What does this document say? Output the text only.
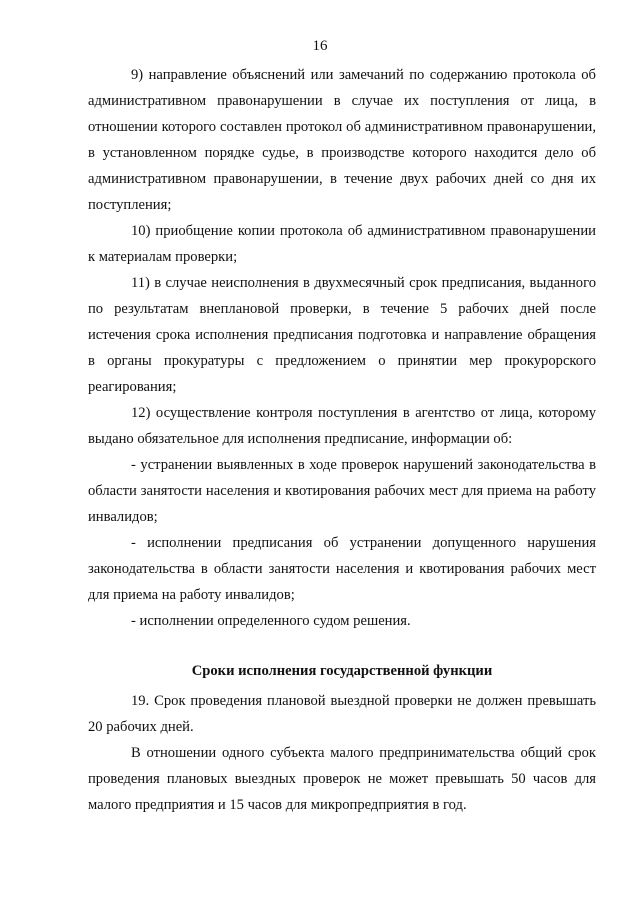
16

9) направление объяснений или замечаний по содержанию протокола об административном правонарушении в случае их поступления от лица, в отношении которого составлен протокол об административном правонарушении, в установленном порядке судье, в производстве которого находится дело об административном правонарушении, в течение двух рабочих дней со дня их поступления;

10) приобщение копии протокола об административном правонарушении к материалам проверки;

11) в случае неисполнения в двухмесячный срок предписания, выданного по результатам внеплановой проверки, в течение 5 рабочих дней после истечения срока исполнения предписания подготовка и направление обращения в органы прокуратуры с предложением о принятии мер прокурорского реагирования;

12) осуществление контроля поступления в агентство от лица, которому выдано обязательное для исполнения предписание, информации об:

- устранении выявленных в ходе проверок нарушений законодательства в области занятости населения и квотирования рабочих мест для приема на работу инвалидов;

- исполнении предписания об устранении допущенного нарушения законодательства в области занятости населения и квотирования рабочих мест для приема на работу инвалидов;

- исполнении определенного судом решения.

Сроки исполнения государственной функции

19. Срок проведения плановой выездной проверки не должен превышать 20 рабочих дней.

В отношении одного субъекта малого предпринимательства общий срок проведения плановых выездных проверок не может превышать 50 часов для малого предприятия и 15 часов для микропредприятия в год.
